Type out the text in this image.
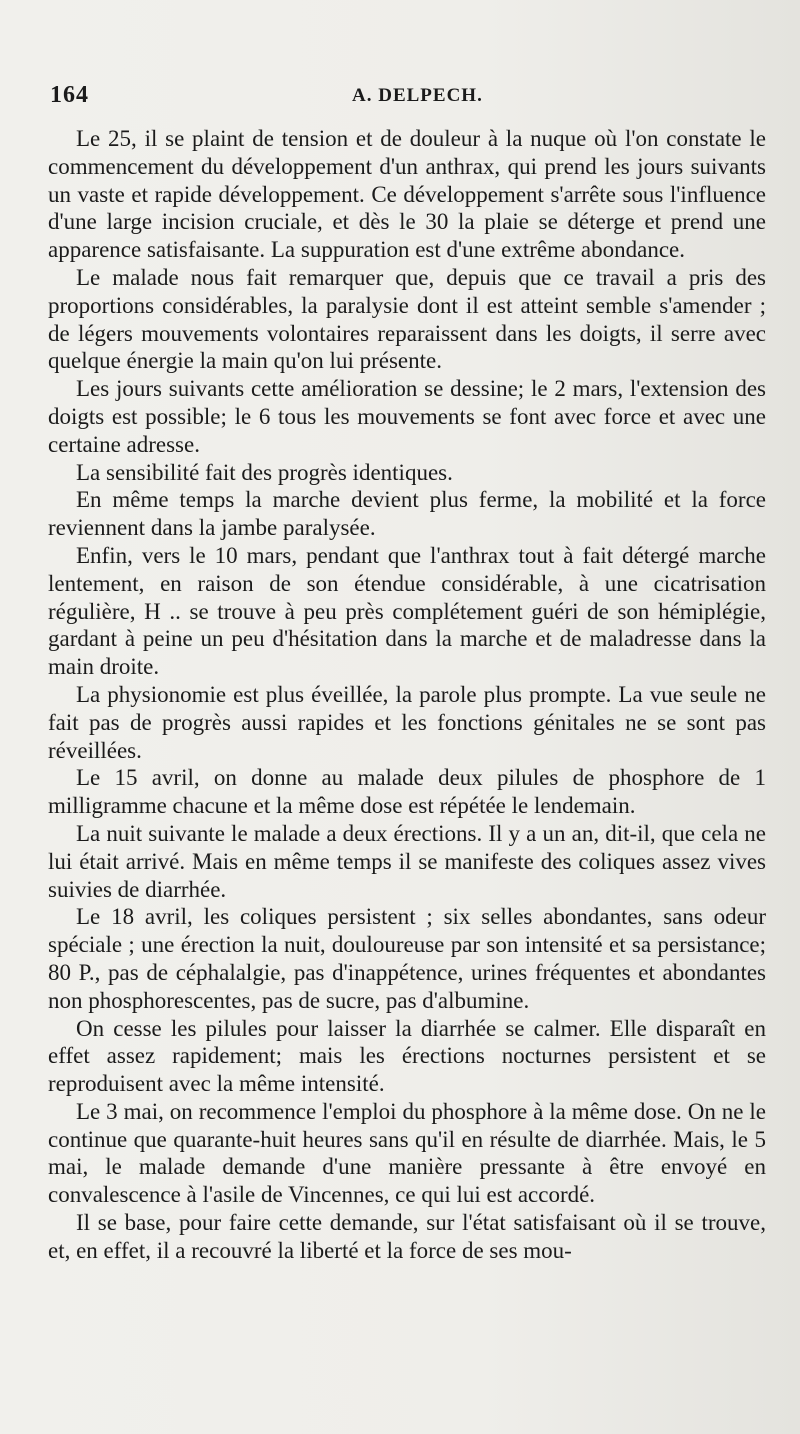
164	A. DELPECH.

Le 25, il se plaint de tension et de douleur à la nuque où l'on constate le commencement du développement d'un anthrax, qui prend les jours suivants un vaste et rapide développement. Ce développement s'arrête sous l'influence d'une large incision cruciale, et dès le 30 la plaie se déterge et prend une apparence satisfaisante. La suppuration est d'une extrême abondance.

Le malade nous fait remarquer que, depuis que ce travail a pris des proportions considérables, la paralysie dont il est atteint semble s'amender ; de légers mouvements volontaires reparaissent dans les doigts, il serre avec quelque énergie la main qu'on lui présente.

Les jours suivants cette amélioration se dessine; le 2 mars, l'extension des doigts est possible; le 6 tous les mouvements se font avec force et avec une certaine adresse.

La sensibilité fait des progrès identiques.

En même temps la marche devient plus ferme, la mobilité et la force reviennent dans la jambe paralysée.

Enfin, vers le 10 mars, pendant que l'anthrax tout à fait détergé marche lentement, en raison de son étendue considérable, à une cicatrisation régulière, H .. se trouve à peu près complétement guéri de son hémiplégie, gardant à peine un peu d'hésitation dans la marche et de maladresse dans la main droite.

La physionomie est plus éveillée, la parole plus prompte. La vue seule ne fait pas de progrès aussi rapides et les fonctions génitales ne se sont pas réveillées.

Le 15 avril, on donne au malade deux pilules de phosphore de 1 milligramme chacune et la même dose est répétée le lendemain.

La nuit suivante le malade a deux érections. Il y a un an, dit-il, que cela ne lui était arrivé. Mais en même temps il se manifeste des coliques assez vives suivies de diarrhée.

Le 18 avril, les coliques persistent ; six selles abondantes, sans odeur spéciale ; une érection la nuit, douloureuse par son intensité et sa persistance; 80 P., pas de céphalalgie, pas d'inappétence, urines fréquentes et abondantes non phosphorescentes, pas de sucre, pas d'albumine.

On cesse les pilules pour laisser la diarrhée se calmer. Elle disparaît en effet assez rapidement; mais les érections nocturnes persistent et se reproduisent avec la même intensité.

Le 3 mai, on recommence l'emploi du phosphore à la même dose. On ne le continue que quarante-huit heures sans qu'il en résulte de diarrhée. Mais, le 5 mai, le malade demande d'une manière pressante à être envoyé en convalescence à l'asile de Vincennes, ce qui lui est accordé.

Il se base, pour faire cette demande, sur l'état satisfaisant où il se trouve, et, en effet, il a recouvré la liberté et la force de ses mou-
